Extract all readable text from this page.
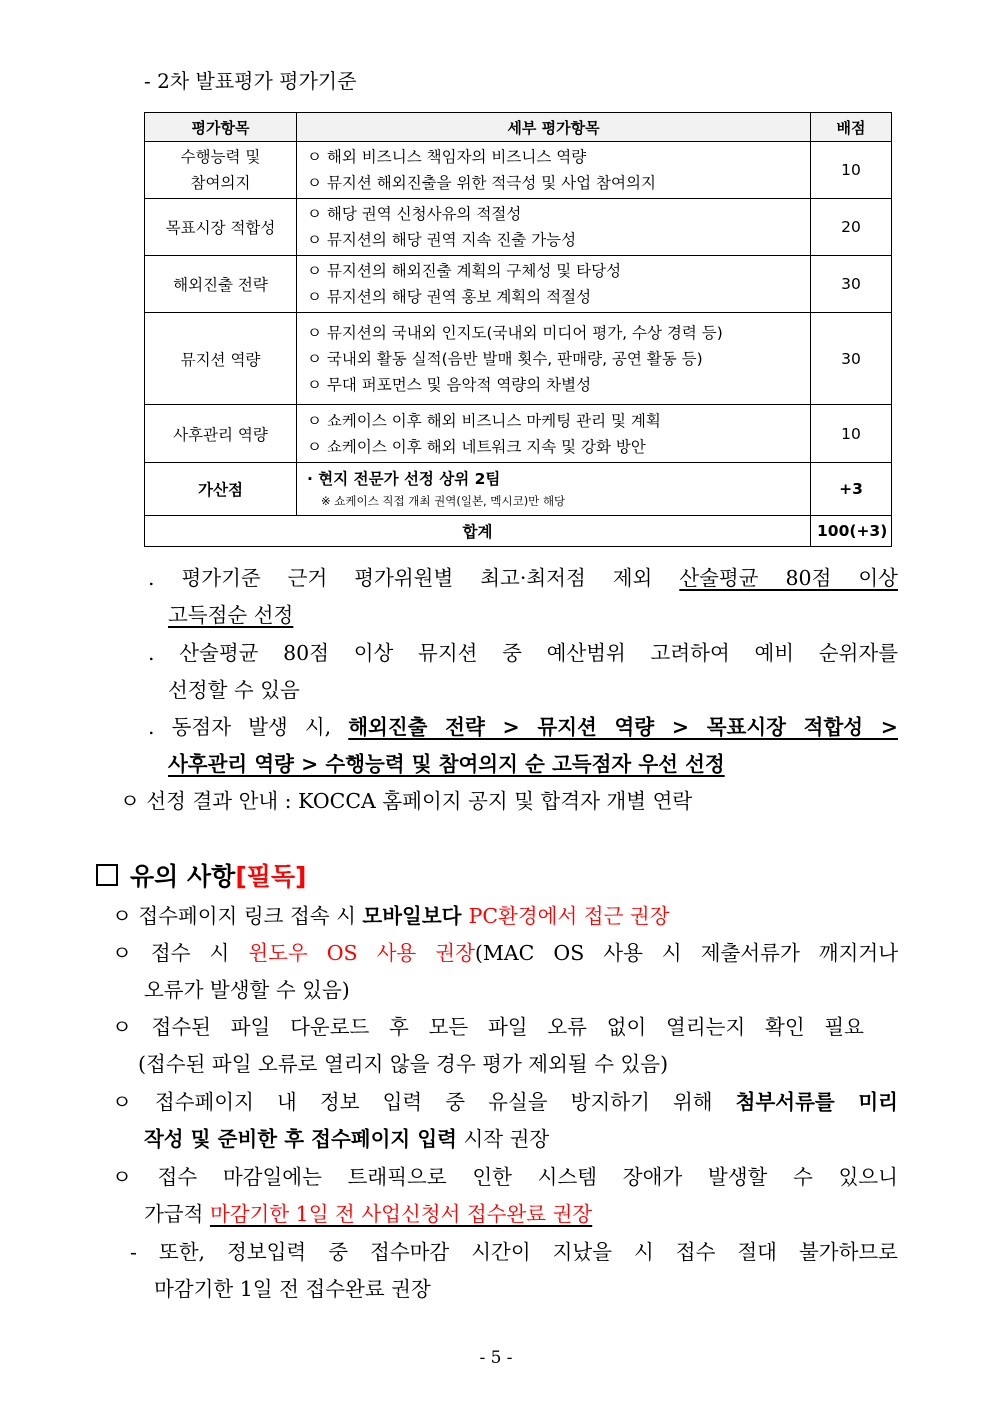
- 2차 발표평가 평가기준
평가항목	세부 평가항목	배점

수행능력 및
참여의지	ㅇ 해외 비즈니스 책임자의 비즈니스 역량
ㅇ 뮤지션 해외진출을 위한 적극성 및 사업 참여의지	10
목표시장 적합성	ㅇ 해당 권역 신청사유의 적절성
ㅇ 뮤지션의 해당 권역 지속 진출 가능성	20
해외진출 전략	ㅇ 뮤지션의 해외진출 계획의 구체성 및 타당성
ㅇ 뮤지션의 해당 권역 홍보 계획의 적절성	30
뮤지션 역량	ㅇ 뮤지션의 국내외 인지도(국내외 미디어 평가, 수상 경력 등)
ㅇ 국내외 활동 실적(음반 발매 횟수, 판매량, 공연 활동 등)
ㅇ 무대 퍼포먼스 및 음악적 역량의 차별성	30
사후관리 역량	ㅇ 쇼케이스 이후 해외 비즈니스 마케팅 관리 및 계획
ㅇ 쇼케이스 이후 해외 네트워크 지속 및 강화 방안	10
가산점	· 현지 전문가 선정 상위 2팀
※ 쇼케이스 직접 개최 권역(일본, 멕시코)만 해당	+3
합계		100(+3)
. 평가기준 근거 평가위원별 최고·최저점 제외 산술평균 80점 이상
고득점순 선정
. 산술평균 80점 이상 뮤지션 중 예산범위 고려하여 예비 순위자를
선정할 수 있음
. 동점자 발생 시, 해외진출 전략 > 뮤지션 역량 > 목표시장 적합성 >
사후관리 역량 > 수행능력 및 참여의지 순 고득점자 우선 선정
ㅇ 선정 결과 안내 : KOCCA 홈페이지 공지 및 합격자 개별 연락
유의 사항[필독]
ㅇ 접수페이지 링크 접속 시 모바일보다 PC환경에서 접근 권장
ㅇ 접수 시 윈도우 OS 사용 권장(MAC OS 사용 시 제출서류가 깨지거나
오류가 발생할 수 있음)
ㅇ 접수된 파일 다운로드 후 모든 파일 오류 없이 열리는지 확인 필요
(접수된 파일 오류로 열리지 않을 경우 평가 제외될 수 있음)
ㅇ 접수페이지 내 정보 입력 중 유실을 방지하기 위해 첨부서류를 미리
작성 및 준비한 후 접수페이지 입력 시작 권장
ㅇ 접수 마감일에는 트래픽으로 인한 시스템 장애가 발생할 수 있으니
가급적 마감기한 1일 전 사업신청서 접수완료 권장
- 또한, 정보입력 중 접수마감 시간이 지났을 시 접수 절대 불가하므로
마감기한 1일 전 접수완료 권장
- 5 -
